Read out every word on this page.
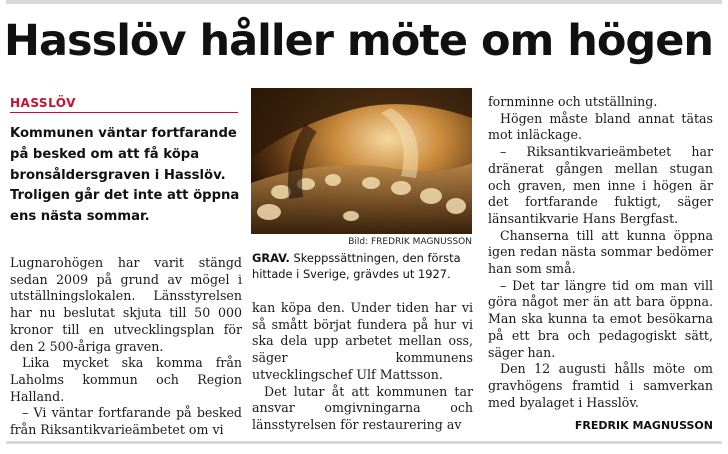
Hasslöv håller möte om högen
HASSLÖV
Kommunen väntar fortfarande på besked om att få köpa bronsåldersgraven i Hasslöv. Troligen går det inte att öppna ens nästa sommar.

Lugnarohögen har varit stängd sedan 2009 på grund av mögel i utställningslokalen. Länsstyrelsen har nu beslutat skjuta till 50 000 kronor till en utvecklingsplan för den 2 500-åriga graven.

Lika mycket ska komma från Laholms kommun och Region Halland.

– Vi väntar fortfarande på besked från Riksantikvarieämbetet om vi

Bild: FREDRIK MAGNUSSON
GRAV. Skeppssättningen, den första hittade i Sverige, grävdes ut 1927.

kan köpa den. Under tiden har vi så smått börjat fundera på hur vi ska dela upp arbetet mellan oss, säger kommunens utvecklingschef Ulf Mattsson.

Det lutar åt att kommunen tar ansvar omgivningarna och länsstyrelsen för restaurering av

fornminne och utställning.

Högen måste bland annat tätas mot inläckage.

– Riksantikvarieämbetet har dränerat gången mellan stugan och graven, men inne i högen är det fortfarande fuktigt, säger länsantikvarie Hans Bergfast.

Chanserna till att kunna öppna igen redan nästa sommar bedömer han som små.

– Det tar längre tid om man vill göra något mer än att bara öppna. Man ska kunna ta emot besökarna på ett bra och pedagogiskt sätt, säger han.

Den 12 augusti hålls möte om gravhögens framtid i samverkan med byalaget i Hasslöv.

FREDRIK MAGNUSSON
